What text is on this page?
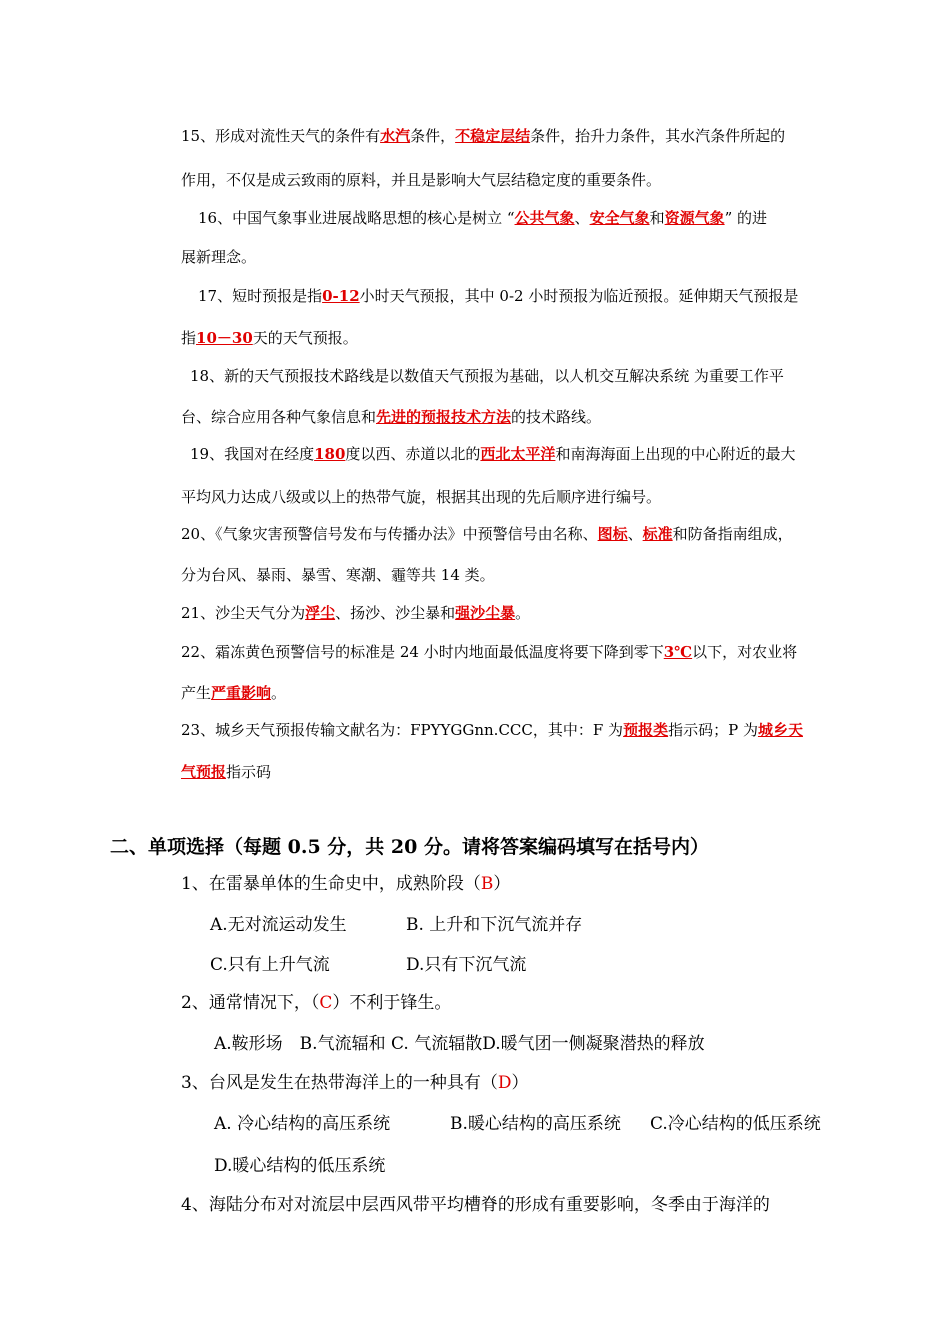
15、形成对流性天气的条件有水汽条件，不稳定层结条件，抬升力条件，其水汽条件所起的
作用，不仅是成云致雨的原料，并且是影响大气层结稳定度的重要条件。
16、中国气象事业进展战略思想的核心是树立 “公共气象、安全气象和资源气象” 的进
展新理念。
17、短时预报是指0-12小时天气预报，其中 0-2 小时预报为临近预报。延伸期天气预报是
指10－30天的天气预报。
18、新的天气预报技术路线是以数值天气预报为基础，以人机交互解决系统 为重要工作平
台、综合应用各种气象信息和先进的预报技术方法的技术路线。
19、我国对在经度180度以西、赤道以北的西北太平洋和南海海面上出现的中心附近的最大
平均风力达成八级或以上的热带气旋，根据其出现的先后顺序进行编号。
20、《气象灾害预警信号发布与传播办法》中预警信号由名称、图标、标准和防备指南组成，
分为台风、暴雨、暴雪、寒潮、霾等共 14 类。
21、沙尘天气分为浮尘、扬沙、沙尘暴和强沙尘暴。
22、霜冻黄色预警信号的标准是 24 小时内地面最低温度将要下降到零下3℃以下，对农业将
产生严重影响。
23、城乡天气预报传输文献名为：FPYYGGnn.CCC，其中：F 为预报类指示码；P 为城乡天
气预报指示码
二、单项选择（每题 0.5 分，共 20 分。请将答案编码填写在括号内）
1、在雷暴单体的生命史中，成熟阶段（B）
A.无对流运动发生	B. 上升和下沉气流并存
C.只有上升气流	D.只有下沉气流
2、通常情况下，（C）不利于锋生。
A.鞍形场　B.气流辐和 C. 气流辐散D.暖气团一侧凝聚潜热的释放
3、台风是发生在热带海洋上的一种具有（D）
A. 冷心结构的高压系统	B.暖心结构的高压系统 C.冷心结构的低压系统
D.暖心结构的低压系统
4、海陆分布对对流层中层西风带平均槽脊的形成有重要影响，冬季由于海洋的
